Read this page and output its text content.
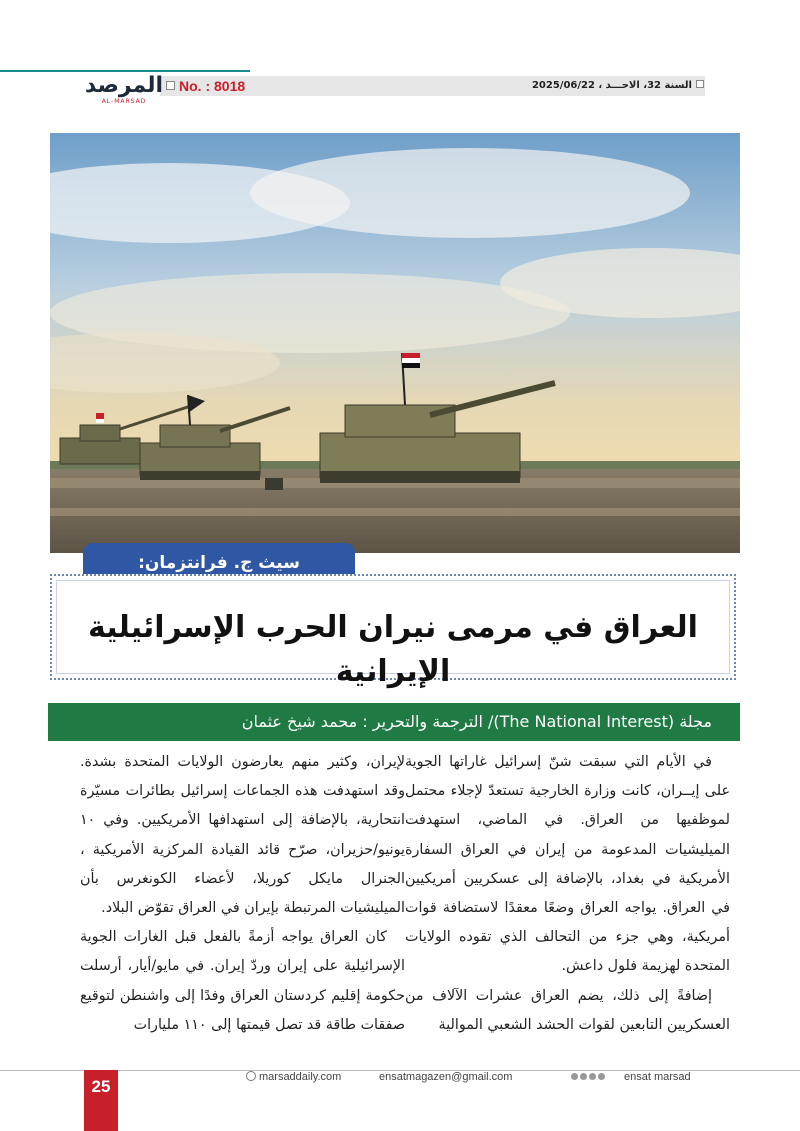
المرصد
AL-MARSAD
No. : 8018	السنة 32، الاحـــد ، 2025/06/22
سيث ج. فرانتزمان:
العراق في مرمى نيران الحرب الإسرائيلية الإيرانية
مجلة (The National Interest)/ الترجمة والتحرير : محمد شيخ عثمان

في الأيام التي سبقت شنّ إسرائيل غاراتها الجوية على إيــران، كانت وزارة الخارجية تستعدّ لإجلاء محتمل لموظفيها من العراق. في الماضي، استهدفت الميليشيات المدعومة من إيران في العراق السفارة الأمريكية في بغداد، بالإضافة إلى عسكريين أمريكيين في العراق. يواجه العراق وضعًا معقدًا لاستضافة قوات أمريكية، وهي جزء من التحالف الذي تقوده الولايات المتحدة لهزيمة فلول داعش.

إضافةً إلى ذلك، يضم العراق عشرات الآلاف من العسكريين التابعين لقوات الحشد الشعبي الموالية

لإيران، وكثير منهم يعارضون الولايات المتحدة بشدة. وقد استهدفت هذه الجماعات إسرائيل بطائرات مسيّرة انتحارية، بالإضافة إلى استهدافها الأمريكيين. وفي ١٠ يونيو/حزيران، صرّح قائد القيادة المركزية الأمريكية ، الجنرال مايكل كوريلا، لأعضاء الكونغرس بأن الميليشيات المرتبطة بإيران في العراق تقوّض البلاد.

كان العراق يواجه أزمةً بالفعل قبل الغارات الجوية الإسرائيلية على إيران وردّ إيران. في مايو/أيار، أرسلت حكومة إقليم كردستان العراق وفدًا إلى واشنطن لتوقيع صفقات طاقة قد تصل قيمتها إلى ١١٠ مليارات

25	marsaddaily.com	ensatmagazen@gmail.com	ensat marsad
